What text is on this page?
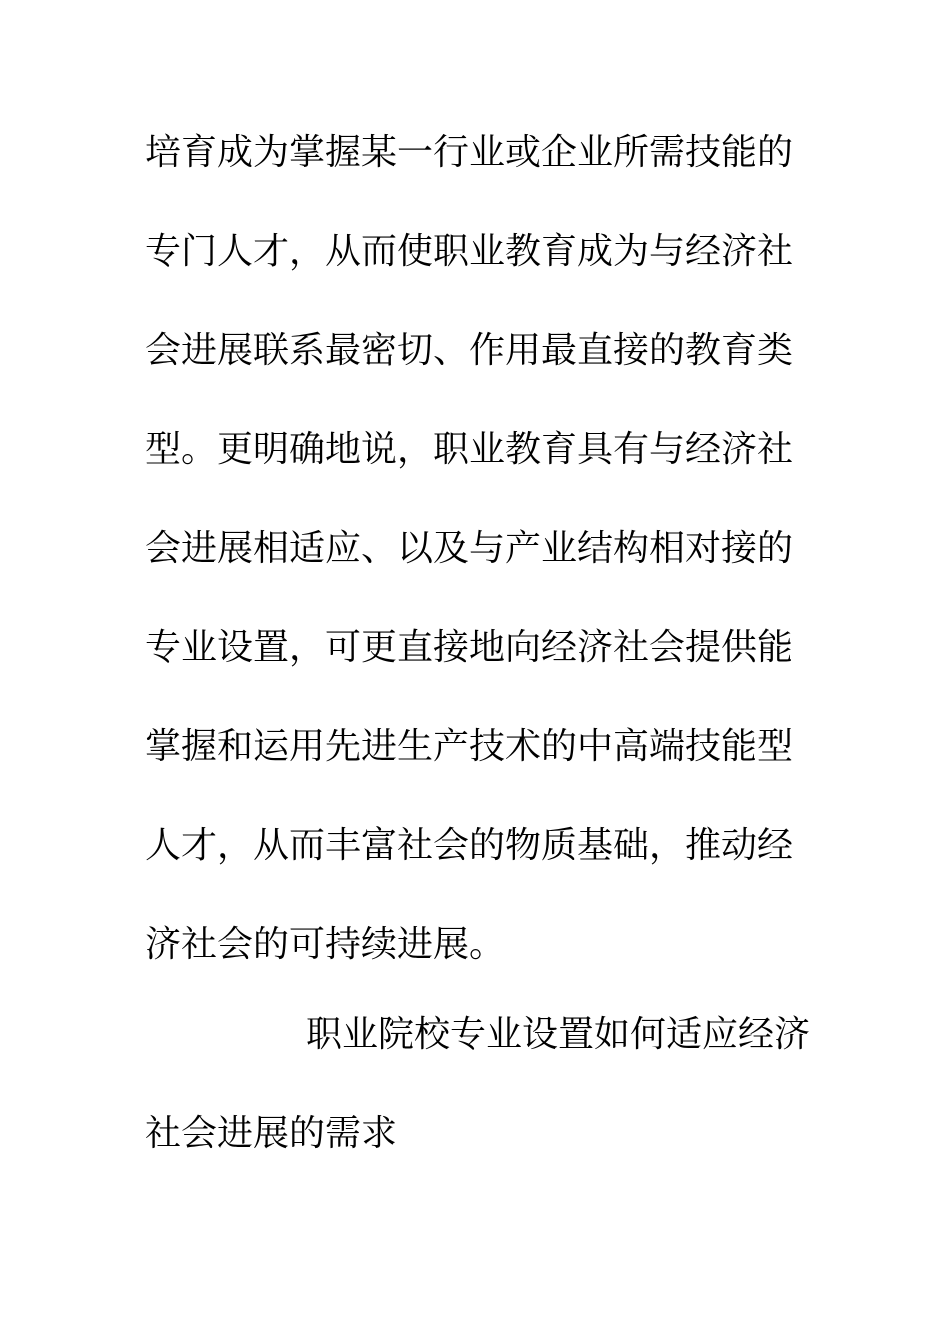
培育成为掌握某一行业或企业所需技能的
专门人才，从而使职业教育成为与经济社
会进展联系最密切、作用最直接的教育类
型。更明确地说，职业教育具有与经济社
会进展相适应、以及与产业结构相对接的
专业设置，可更直接地向经济社会提供能
掌握和运用先进生产技术的中高端技能型
人才，从而丰富社会的物质基础，推动经
济社会的可持续进展。
职业院校专业设置如何适应经济
社会进展的需求
